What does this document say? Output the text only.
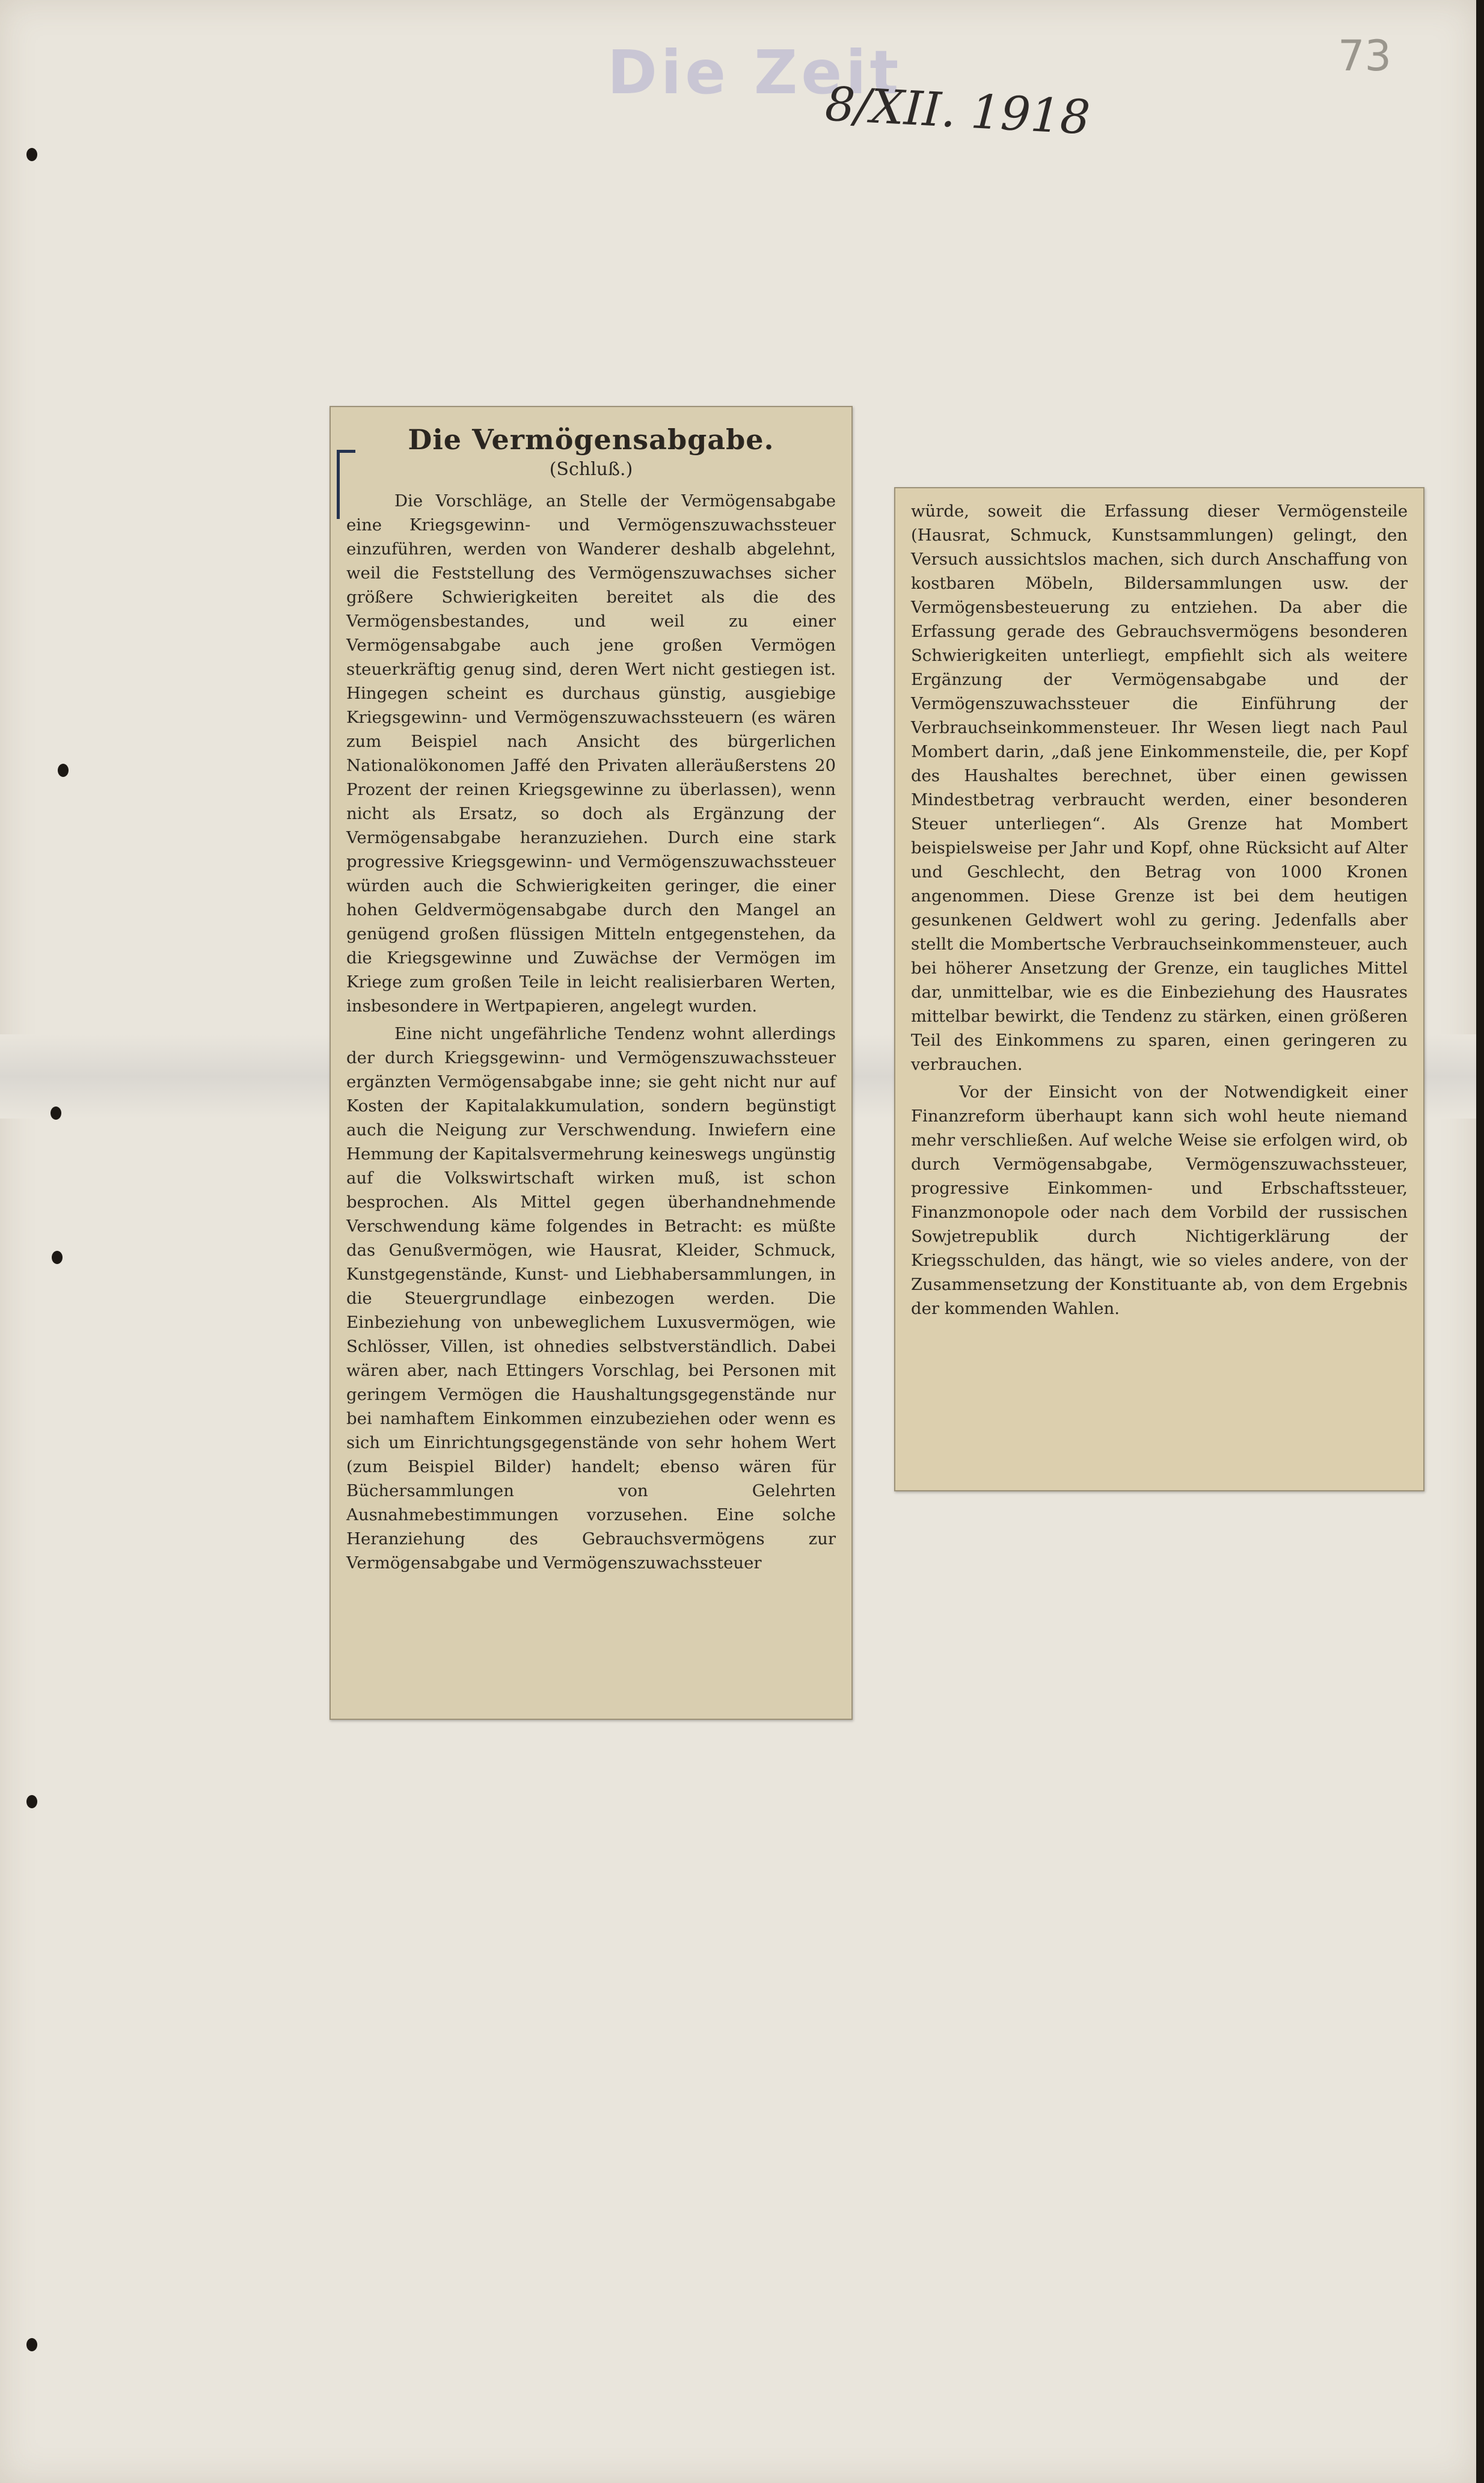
Die Zeit	73
8/XII. 1918
Die Vermögensabgabe.
(Schluß.)

Die Vorschläge, an Stelle der Vermögensabgabe eine Kriegsgewinn- und Vermögenszuwachssteuer einzuführen, werden von Wanderer deshalb abgelehnt, weil die Feststellung des Vermögenszuwachses sicher größere Schwierigkeiten bereitet als die des Vermögensbestandes, und weil zu einer Vermögensabgabe auch jene großen Vermögen steuerkräftig genug sind, deren Wert nicht gestiegen ist. Hingegen scheint es durchaus günstig, ausgiebige Kriegsgewinn- und Vermögenszuwachssteuern (es wären zum Beispiel nach Ansicht des bürgerlichen Nationalökonomen Jaffé den Privaten alleräußerstens 20 Prozent der reinen Kriegsgewinne zu überlassen), wenn nicht als Ersatz, so doch als Ergänzung der Vermögensabgabe heranzuziehen. Durch eine stark progressive Kriegsgewinn- und Vermögenszuwachssteuer würden auch die Schwierigkeiten geringer, die einer hohen Geldvermögensabgabe durch den Mangel an genügend großen flüssigen Mitteln entgegenstehen, da die Kriegsgewinne und Zuwächse der Vermögen im Kriege zum großen Teile in leicht realisierbaren Werten, insbesondere in Wertpapieren, angelegt wurden.

Eine nicht ungefährliche Tendenz wohnt allerdings der durch Kriegsgewinn- und Vermögenszuwachssteuer ergänzten Vermögensabgabe inne; sie geht nicht nur auf Kosten der Kapitalakkumulation, sondern begünstigt auch die Neigung zur Verschwendung. Inwiefern eine Hemmung der Kapitalsvermehrung keineswegs ungünstig auf die Volkswirtschaft wirken muß, ist schon besprochen. Als Mittel gegen überhandnehmende Verschwendung käme folgendes in Betracht: es müßte das Genußvermögen, wie Hausrat, Kleider, Schmuck, Kunstgegenstände, Kunst- und Liebhabersammlungen, in die Steuergrundlage einbezogen werden. Die Einbeziehung von unbeweglichem Luxusvermögen, wie Schlösser, Villen, ist ohnedies selbstverständlich. Dabei wären aber, nach Ettingers Vorschlag, bei Personen mit geringem Vermögen die Haushaltungsgegenstände nur bei namhaftem Einkommen einzubeziehen oder wenn es sich um Einrichtungsgegenstände von sehr hohem Wert (zum Beispiel Bilder) handelt; ebenso wären für Büchersammlungen von Gelehrten Ausnahmebestimmungen vorzusehen. Eine solche Heranziehung des Gebrauchsvermögens zur Vermögensabgabe und Vermögenszuwachssteuer

würde, soweit die Erfassung dieser Vermögensteile (Hausrat, Schmuck, Kunstsammlungen) gelingt, den Versuch aussichtslos machen, sich durch Anschaffung von kostbaren Möbeln, Bildersammlungen usw. der Vermögensbesteuerung zu entziehen. Da aber die Erfassung gerade des Gebrauchsvermögens besonderen Schwierigkeiten unterliegt, empfiehlt sich als weitere Ergänzung der Vermögensabgabe und der Vermögenszuwachssteuer die Einführung der Verbrauchseinkommensteuer. Ihr Wesen liegt nach Paul Mombert darin, „daß jene Einkommensteile, die, per Kopf des Haushaltes berechnet, über einen gewissen Mindestbetrag verbraucht werden, einer besonderen Steuer unterliegen“. Als Grenze hat Mombert beispielsweise per Jahr und Kopf, ohne Rücksicht auf Alter und Geschlecht, den Betrag von 1000 Kronen angenommen. Diese Grenze ist bei dem heutigen gesunkenen Geldwert wohl zu gering. Jedenfalls aber stellt die Mombertsche Verbrauchseinkommensteuer, auch bei höherer Ansetzung der Grenze, ein taugliches Mittel dar, unmittelbar, wie es die Einbeziehung des Hausrates mittelbar bewirkt, die Tendenz zu stärken, einen größeren Teil des Einkommens zu sparen, einen geringeren zu verbrauchen.

Vor der Einsicht von der Notwendigkeit einer Finanzreform überhaupt kann sich wohl heute niemand mehr verschließen. Auf welche Weise sie erfolgen wird, ob durch Vermögensabgabe, Vermögenszuwachssteuer, progressive Einkommen- und Erbschaftssteuer, Finanzmonopole oder nach dem Vorbild der russischen Sowjetrepublik durch Nichtigerklärung der Kriegsschulden, das hängt, wie so vieles andere, von der Zusammensetzung der Konstituante ab, von dem Ergebnis der kommenden Wahlen.
